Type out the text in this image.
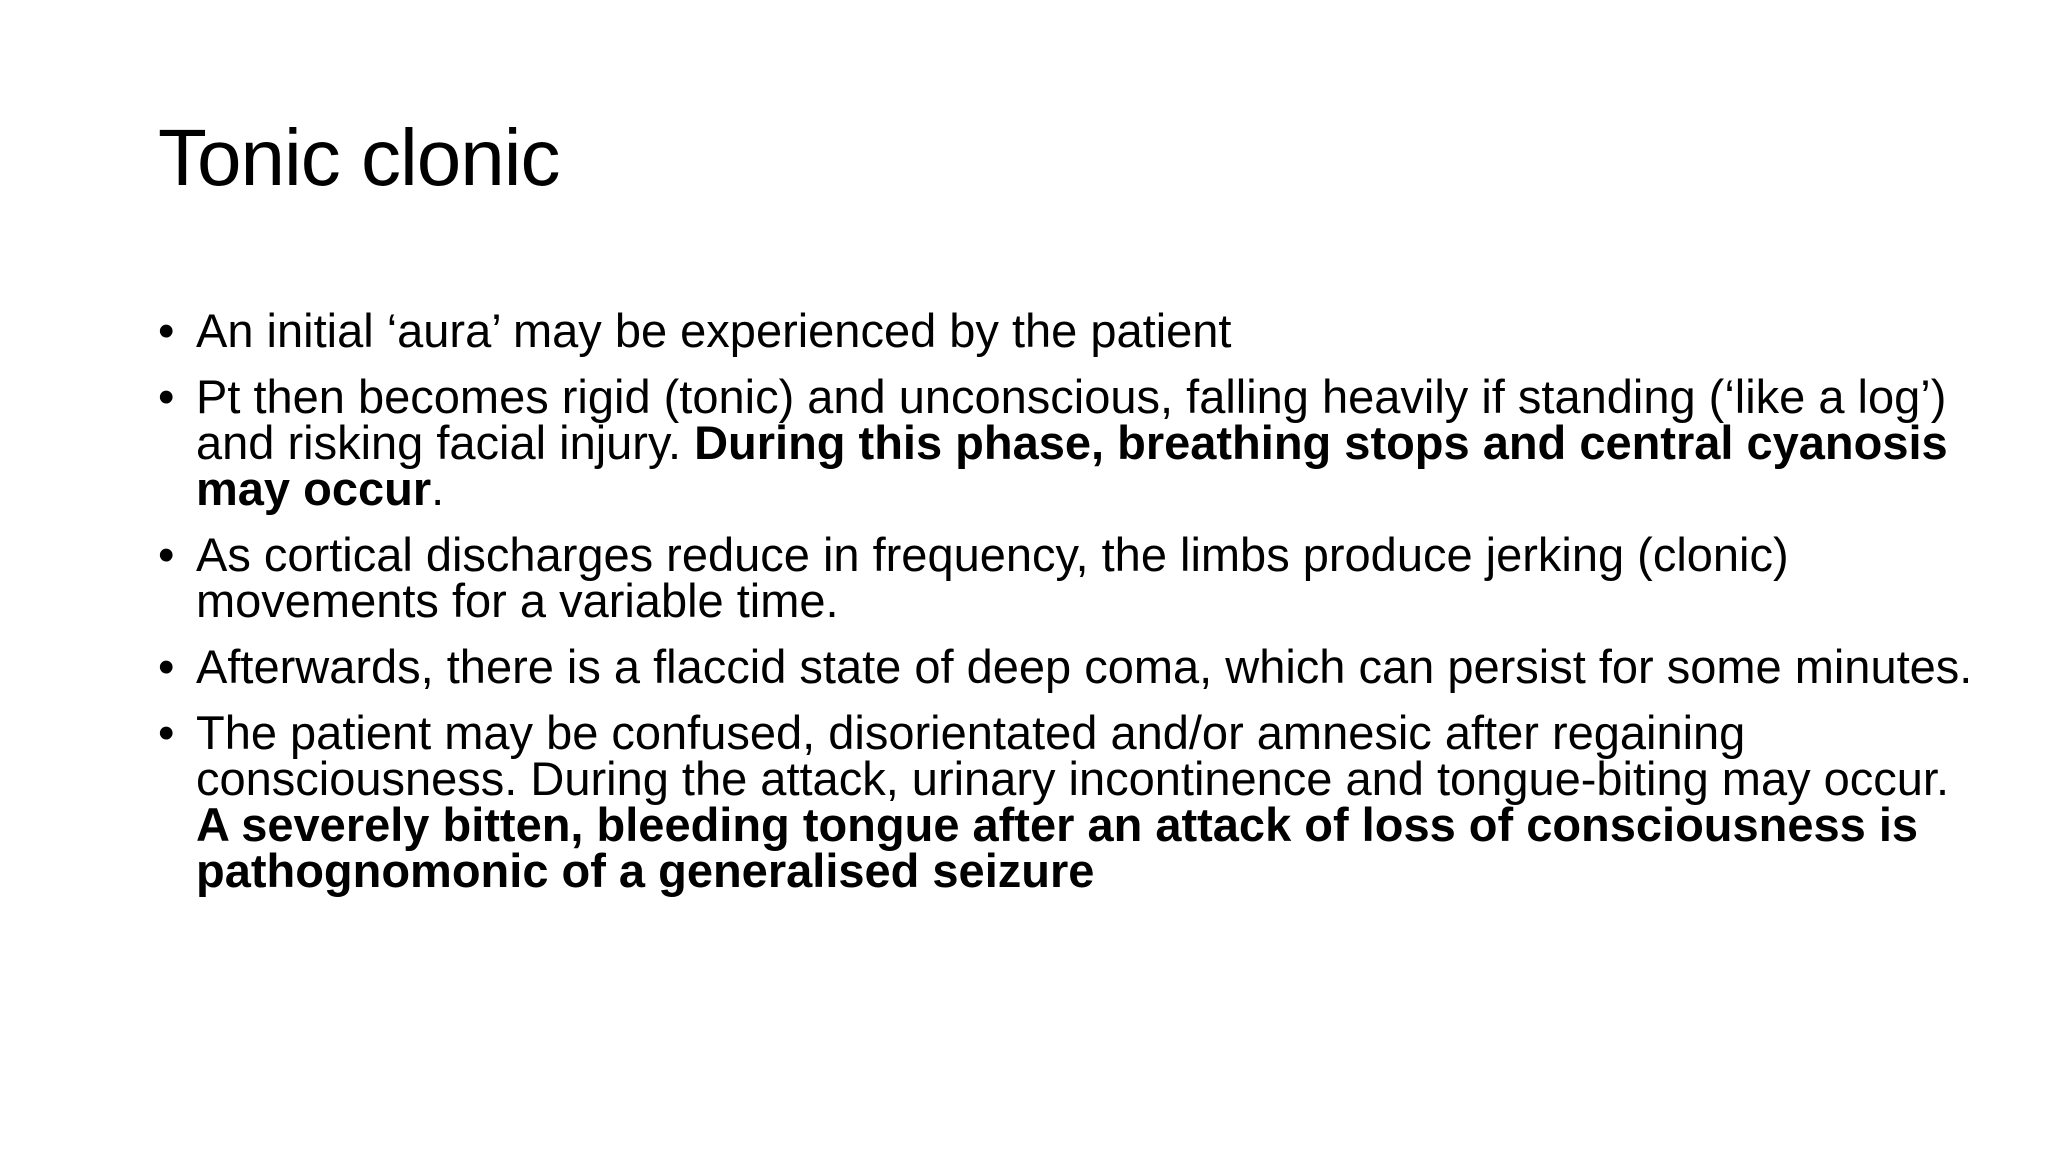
Tonic clonic
• An initial ‘aura’ may be experienced by the patient
• Pt then becomes rigid (tonic) and unconscious, falling heavily if standing (‘like a log’) and risking facial injury. During this phase, breathing stops and central cyanosis may occur.
• As cortical discharges reduce in frequency, the limbs produce jerking (clonic) movements for a variable time.
• Afterwards, there is a flaccid state of deep coma, which can persist for some minutes.
• The patient may be confused, disorientated and/or amnesic after regaining consciousness. During the attack, urinary incontinence and tongue-biting may occur. A severely bitten, bleeding tongue after an attack of loss of consciousness is pathognomonic of a generalised seizure
